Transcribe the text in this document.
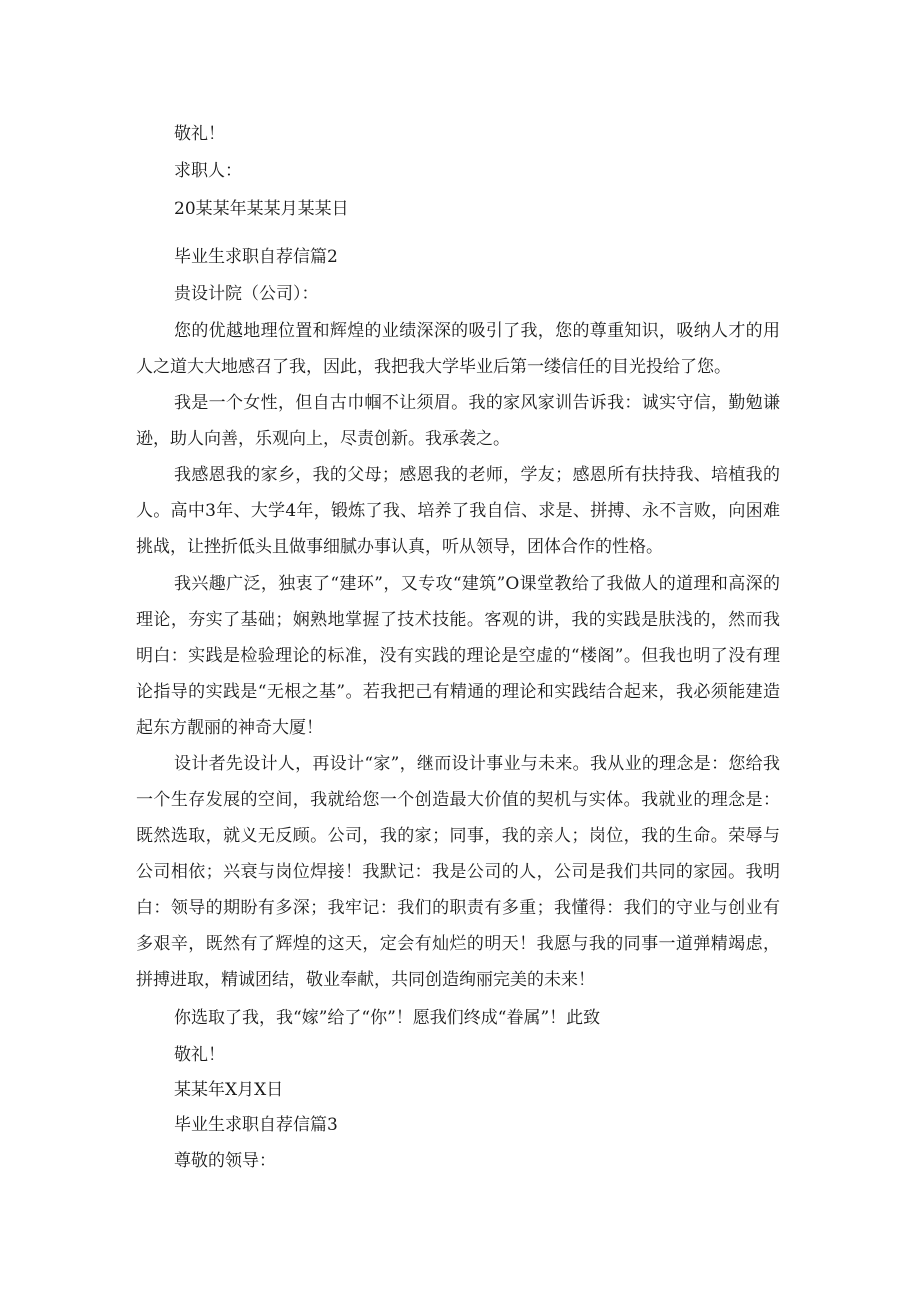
敬礼！
求职人：
20某某年某某月某某日
毕业生求职自荐信篇2
贵设计院（公司）：
您的优越地理位置和辉煌的业绩深深的吸引了我，您的尊重知识，吸纳人才的用人之道大大地感召了我，因此，我把我大学毕业后第一缕信任的目光投给了您。
我是一个女性，但自古巾帼不让须眉。我的家风家训告诉我：诚实守信，勤勉谦逊，助人向善，乐观向上，尽责创新。我承袭之。
我感恩我的家乡，我的父母；感恩我的老师，学友；感恩所有扶持我、培植我的人。高中3年、大学4年，锻炼了我、培养了我自信、求是、拼搏、永不言败，向困难挑战，让挫折低头且做事细腻办事认真，听从领导，团体合作的性格。
我兴趣广泛，独衷了“建环”，又专攻“建筑”O课堂教给了我做人的道理和高深的理论，夯实了基础；娴熟地掌握了技术技能。客观的讲，我的实践是肤浅的，然而我明白：实践是检验理论的标准，没有实践的理论是空虚的“楼阁”。但我也明了没有理论指导的实践是“无根之基”。若我把己有精通的理论和实践结合起来，我必须能建造起东方靓丽的神奇大厦！
设计者先设计人，再设计“家”，继而设计事业与未来。我从业的理念是：您给我一个生存发展的空间，我就给您一个创造最大价值的契机与实体。我就业的理念是：既然选取，就义无反顾。公司，我的家；同事，我的亲人；岗位，我的生命。荣辱与公司相依；兴衰与岗位焊接！我默记：我是公司的人，公司是我们共同的家园。我明白：领导的期盼有多深；我牢记：我们的职责有多重；我懂得：我们的守业与创业有多艰辛，既然有了辉煌的这天，定会有灿烂的明天！我愿与我的同事一道弹精竭虑，拼搏进取，精诚团结，敬业奉献，共同创造绚丽完美的未来！
你选取了我，我“嫁”给了“你”！愿我们终成“眷属”！此致
敬礼！
某某年X月X日
毕业生求职自荐信篇3
尊敬的领导：
